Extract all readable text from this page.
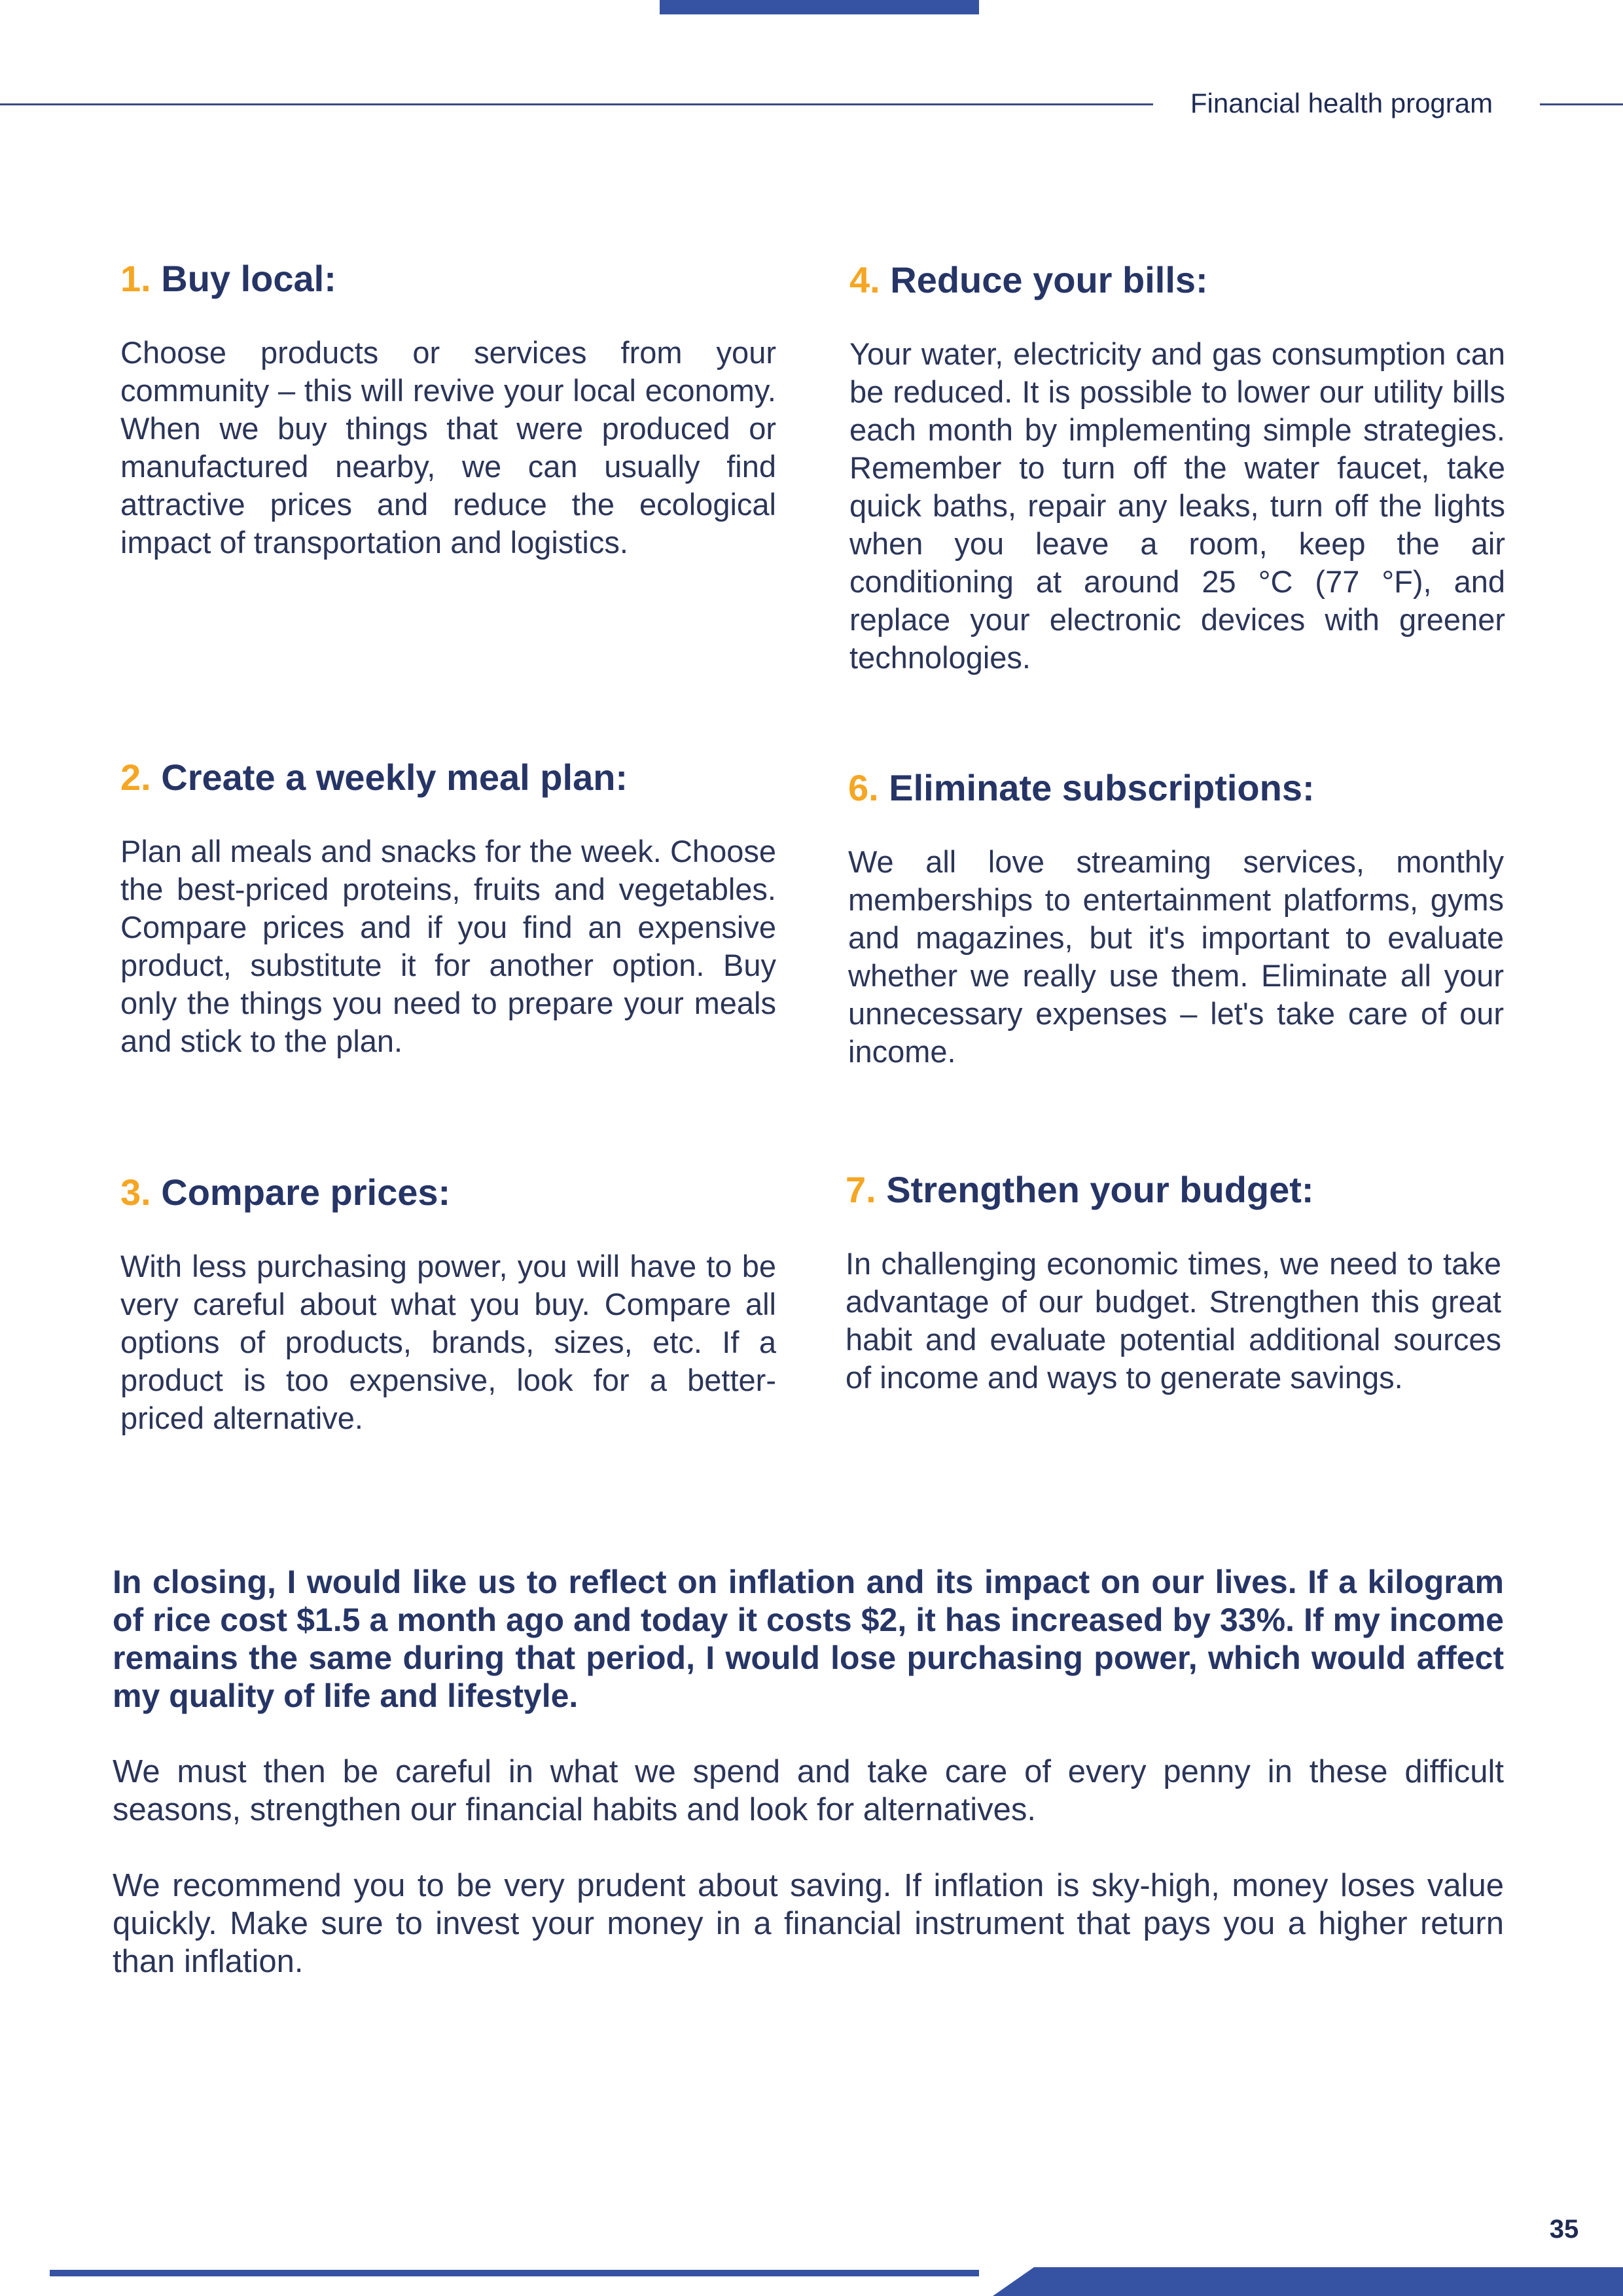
Financial health program
1. Buy local:

Choose products or services from your community – this will revive your local economy. When we buy things that were produced or manufactured nearby, we can usually find attractive prices and reduce the ecological impact of transportation and logistics.

2. Create a weekly meal plan:

Plan all meals and snacks for the week. Choose the best-priced proteins, fruits and vegetables. Compare prices and if you find an expensive product, substitute it for another option. Buy only the things you need to prepare your meals and stick to the plan.

3. Compare prices:

With less purchasing power, you will have to be very careful about what you buy. Compare all options of products, brands, sizes, etc. If a product is too expensive, look for a better-priced alternative.

4. Reduce your bills:

Your water, electricity and gas consumption can be reduced. It is possible to lower our utility bills each month by implementing simple strategies. Remember to turn off the water faucet, take quick baths, repair any leaks, turn off the lights when you leave a room, keep the air conditioning at around 25 °C (77 °F), and replace your electronic devices with greener technologies.

6. Eliminate subscriptions:

We all love streaming services, monthly memberships to entertainment platforms, gyms and magazines, but it's important to evaluate whether we really use them. Eliminate all your unnecessary expenses – let's take care of our income.

7. Strengthen your budget:

In challenging economic times, we need to take advantage of our budget. Strengthen this great habit and evaluate potential additional sources of income and ways to generate savings.

In closing, I would like us to reflect on inflation and its impact on our lives. If a kilogram of rice cost $1.5 a month ago and today it costs $2, it has increased by 33%. If my income remains the same during that period, I would lose purchasing power, which would affect my quality of life and lifestyle.

We must then be careful in what we spend and take care of every penny in these difficult seasons, strengthen our financial habits and look for alternatives.

We recommend you to be very prudent about saving. If inflation is sky-high, money loses value quickly. Make sure to invest your money in a financial instrument that pays you a higher return than inflation.

35
